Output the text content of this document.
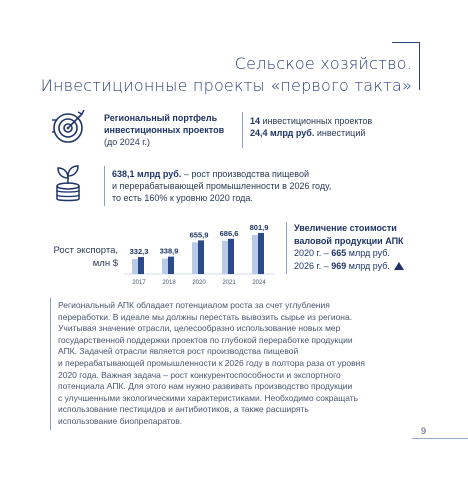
Сельское хозяйство.
Инвестиционные проекты «первого такта»
Региональный портфель
инвестиционных проектов
(до 2024 г.)
14 инвестиционных проектов
24,4 млрд руб. инвестиций
638,1 млрд руб. – рост производства пищевой
и перерабатывающей промышленности в 2026 году,
то есть 160% к уровню 2020 года.
Рост экспорта,
млн $
332,3
2017
338,9
2018
655,9
2020
686,6
2021
801,9
2024
Увеличение стоимости
валовой продукции АПК
2020 г. – 665 млрд руб.
2026 г. – 969 млрд руб.
Региональный АПК обладает потенциалом роста за счет углубления
переработки. В идеале мы должны перестать вывозить сырье из региона.
Учитывая значение отрасли, целесообразно использование новых мер
государственной поддержки проектов по глубокой переработке продукции
АПК. Задачей отрасли является рост производства пищевой
и перерабатывающей промышленности к 2026 году в полтора раза от уровня
2020 года. Важная задача – рост конкурентоспособности и экспортного
потенциала АПК. Для этого нам нужно развивать производство продукции
с улучшенными экологическими характеристиками. Необходимо сокращать
использование пестицидов и антибиотиков, а также расширять
использование биопрепаратов.
9
